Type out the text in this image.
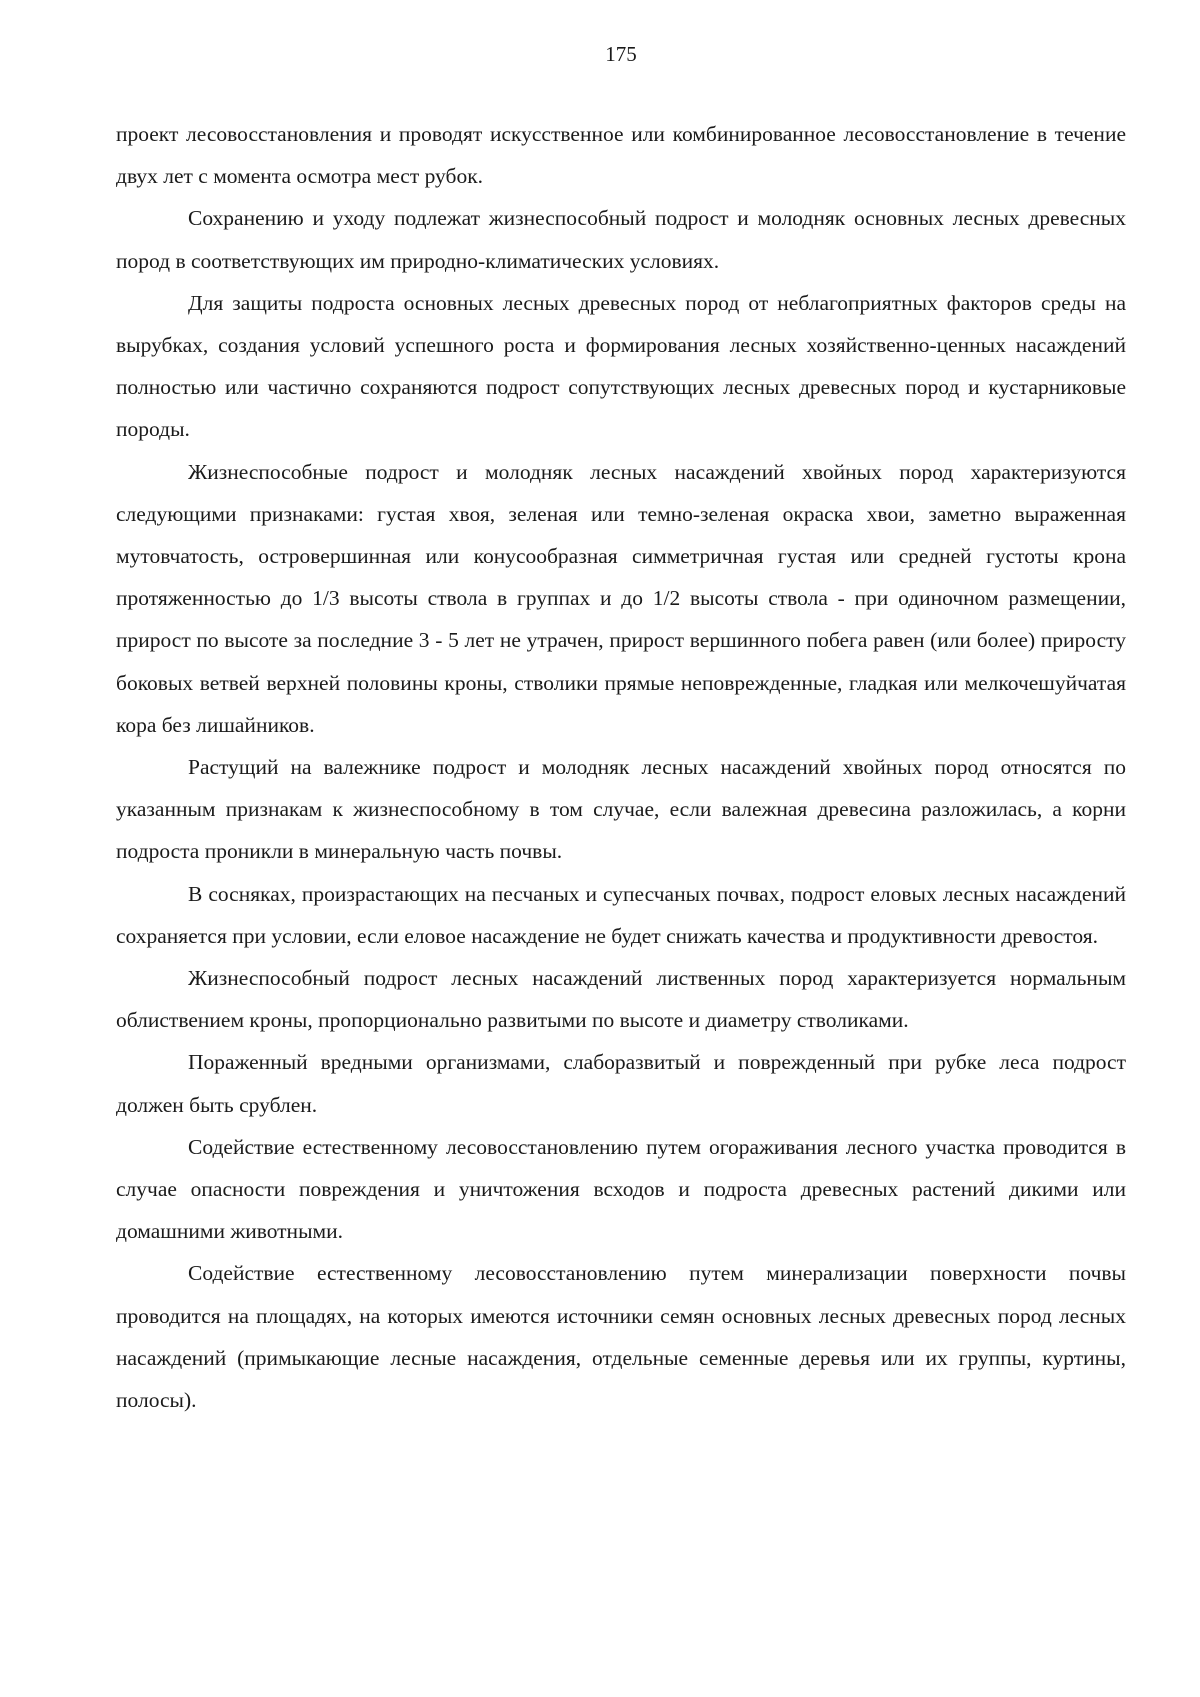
175

проект лесовосстановления и проводят искусственное или комбинированное лесовосстановление в течение двух лет с момента осмотра мест рубок.

Сохранению и уходу подлежат жизнеспособный подрост и молодняк основных лесных древесных пород в соответствующих им природно-климатических условиях.

Для защиты подроста основных лесных древесных пород от неблагоприятных факторов среды на вырубках, создания условий успешного роста и формирования лесных хозяйственно-ценных насаждений полностью или частично сохраняются подрост сопутствующих лесных древесных пород и кустарниковые породы.

Жизнеспособные подрост и молодняк лесных насаждений хвойных пород характеризуются следующими признаками: густая хвоя, зеленая или темно-зеленая окраска хвои, заметно выраженная мутовчатость, островершинная или конусообразная симметричная густая или средней густоты крона протяженностью до 1/3 высоты ствола в группах и до 1/2 высоты ствола - при одиночном размещении, прирост по высоте за последние 3 - 5 лет не утрачен, прирост вершинного побега равен (или более) приросту боковых ветвей верхней половины кроны, стволики прямые неповрежденные, гладкая или мелкочешуйчатая кора без лишайников.

Растущий на валежнике подрост и молодняк лесных насаждений хвойных пород относятся по указанным признакам к жизнеспособному в том случае, если валежная древесина разложилась, а корни подроста проникли в минеральную часть почвы.

В сосняках, произрастающих на песчаных и супесчаных почвах, подрост еловых лесных насаждений сохраняется при условии, если еловое насаждение не будет снижать качества и продуктивности древостоя.

Жизнеспособный подрост лесных насаждений лиственных пород характеризуется нормальным облиствением кроны, пропорционально развитыми по высоте и диаметру стволиками.

Пораженный вредными организмами, слаборазвитый и поврежденный при рубке леса подрост должен быть срублен.

Содействие естественному лесовосстановлению путем огораживания лесного участка проводится в случае опасности повреждения и уничтожения всходов и подроста древесных растений дикими или домашними животными.

Содействие естественному лесовосстановлению путем минерализации поверхности почвы проводится на площадях, на которых имеются источники семян основных лесных древесных пород лесных насаждений (примыкающие лесные насаждения, отдельные семенные деревья или их группы, куртины, полосы).
